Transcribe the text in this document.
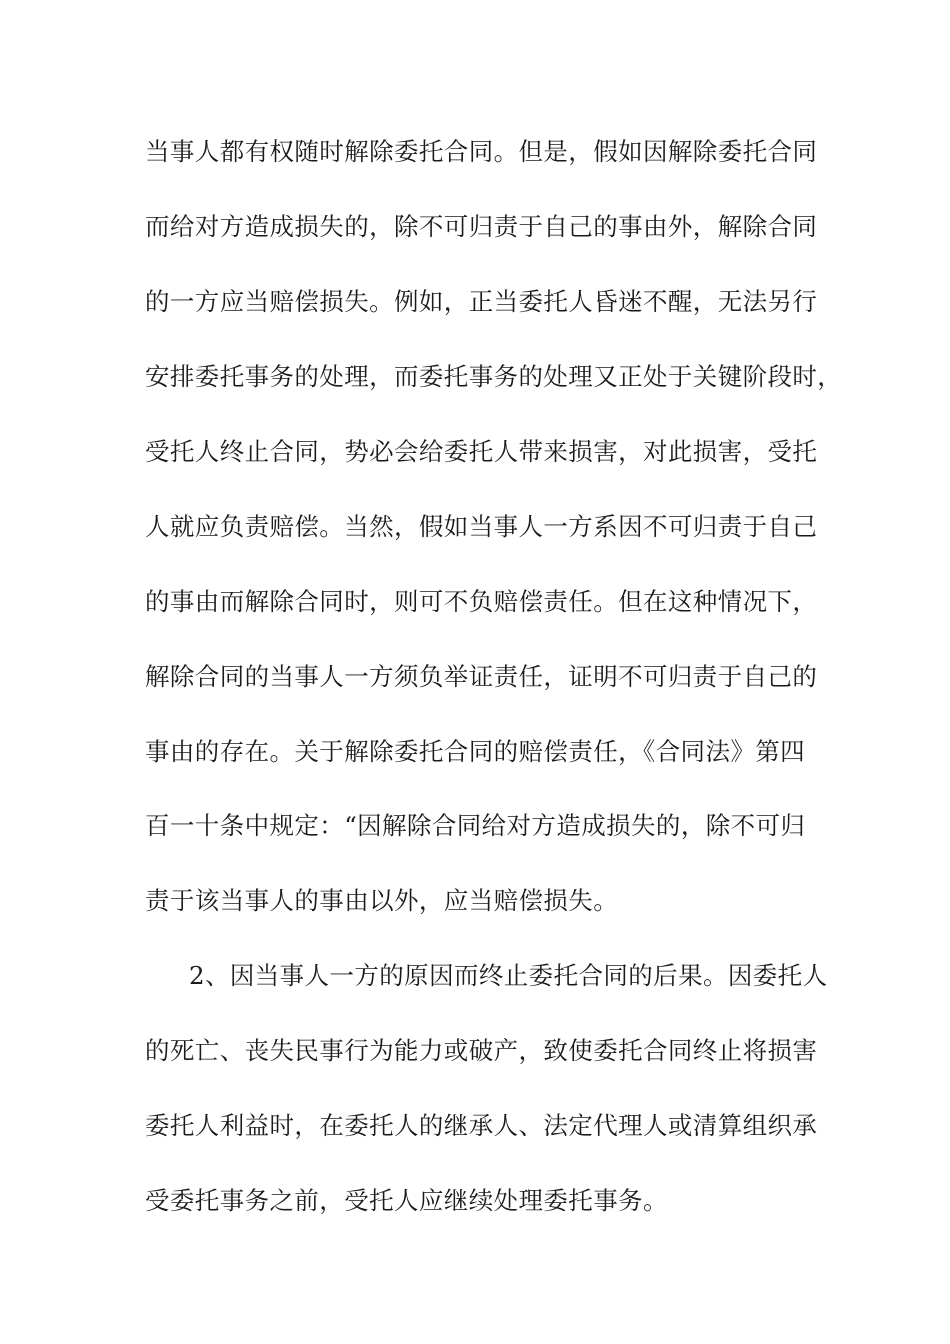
当事人都有权随时解除委托合同。但是，假如因解除委托合同
而给对方造成损失的，除不可归责于自己的事由外，解除合同
的一方应当赔偿损失。例如，正当委托人昏迷不醒，无法另行
安排委托事务的处理，而委托事务的处理又正处于关键阶段时，
受托人终止合同，势必会给委托人带来损害，对此损害，受托
人就应负责赔偿。当然，假如当事人一方系因不可归责于自己
的事由而解除合同时，则可不负赔偿责任。但在这种情况下，
解除合同的当事人一方须负举证责任，证明不可归责于自己的
事由的存在。关于解除委托合同的赔偿责任，《合同法》第四
百一十条中规定：“因解除合同给对方造成损失的，除不可归
责于该当事人的事由以外，应当赔偿损失。
2、因当事人一方的原因而终止委托合同的后果。因委托人
的死亡、丧失民事行为能力或破产，致使委托合同终止将损害
委托人利益时，在委托人的继承人、法定代理人或清算组织承
受委托事务之前，受托人应继续处理委托事务。
